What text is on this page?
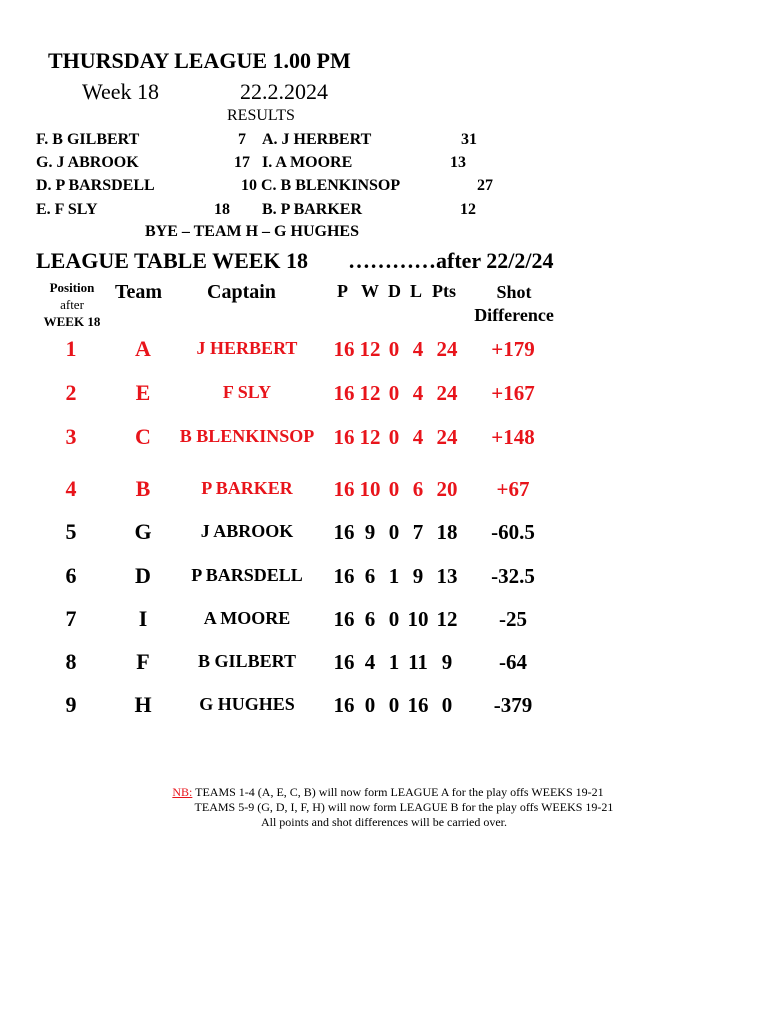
THURSDAY LEAGUE 1.00 PM
Week 18	22.2.2024
RESULTS
F. B GILBERT	7 A. J HERBERT	31
G. J ABROOK	17 I. A MOORE	13
D. P BARSDELL	10 C. B BLENKINSOP	27
E. F SLY	18 B. P BARKER	12
BYE – TEAM H – G HUGHES
LEAGUE TABLE WEEK 18 …………after 22/2/24
Position
after
WEEK 18
Team Captain	P W D L Pts	Shot
Difference
1	A	J HERBERT	16 12 0 4 24	+179
2	E	F SLY	16 12 0 4 24	+167
3	C	B BLENKINSOP 16 12 0 4 24	+148
4	B	P BARKER	16 10 0 6 20	+67
5	G	J ABROOK	16 9 0 7 18	-60.5
6	D	P BARSDELL	16 6 1 9 13	-32.5
7	I	A MOORE	16 6 0 10 12	-25
8	F	B GILBERT	16 4 1 11 9	-64
9	H	G HUGHES	16 0 0 16 0	-379
NB: TEAMS 1-4 (A, E, C, B) will now form LEAGUE A for the play offs WEEKS 19-21
TEAMS 5-9 (G, D, I, F, H) will now form LEAGUE B for the play offs WEEKS 19-21
All points and shot differences will be carried over.
